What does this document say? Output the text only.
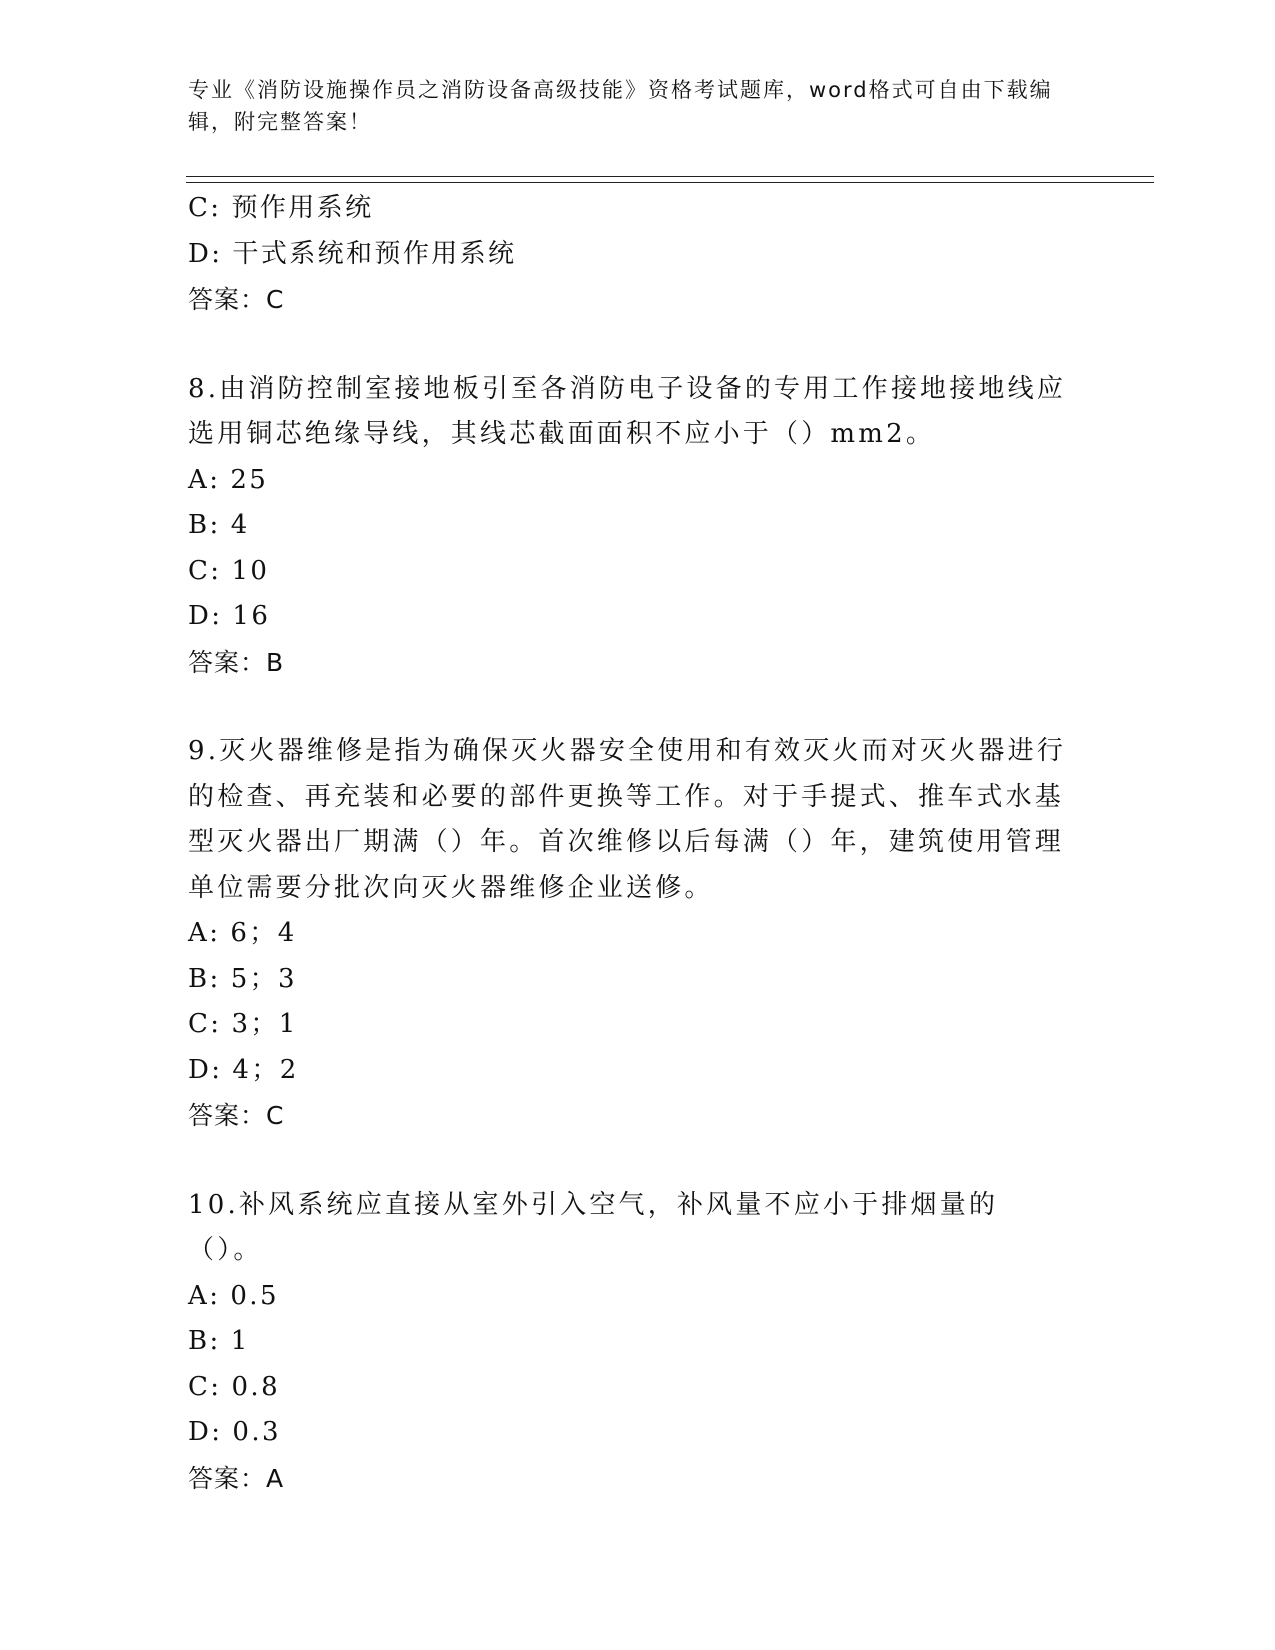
专业《消防设施操作员之消防设备高级技能》资格考试题库，word格式可自由下载编辑，附完整答案！
C : 预作用系统
D : 干式系统和预作用系统
答案：C

8.由消防控制室接地板引至各消防电子设备的专用工作接地接地线应选用铜芯绝缘导线，其线芯截面面积不应小于（）mm2。

A : 25
B : 4
C : 10
D : 16
答案：B

9.灭火器维修是指为确保灭火器安全使用和有效灭火而对灭火器进行的检查、再充装和必要的部件更换等工作。对于手提式、推车式水基型灭火器出厂期满（）年。首次维修以后每满（）年，建筑使用管理单位需要分批次向灭火器维修企业送修。

A : 6；4
B : 5；3
C : 3；1
D : 4；2
答案：C

10.补风系统应直接从室外引入空气，补风量不应小于排烟量的（）。

A : 0.5
B : 1
C : 0.8
D : 0.3
答案：A
